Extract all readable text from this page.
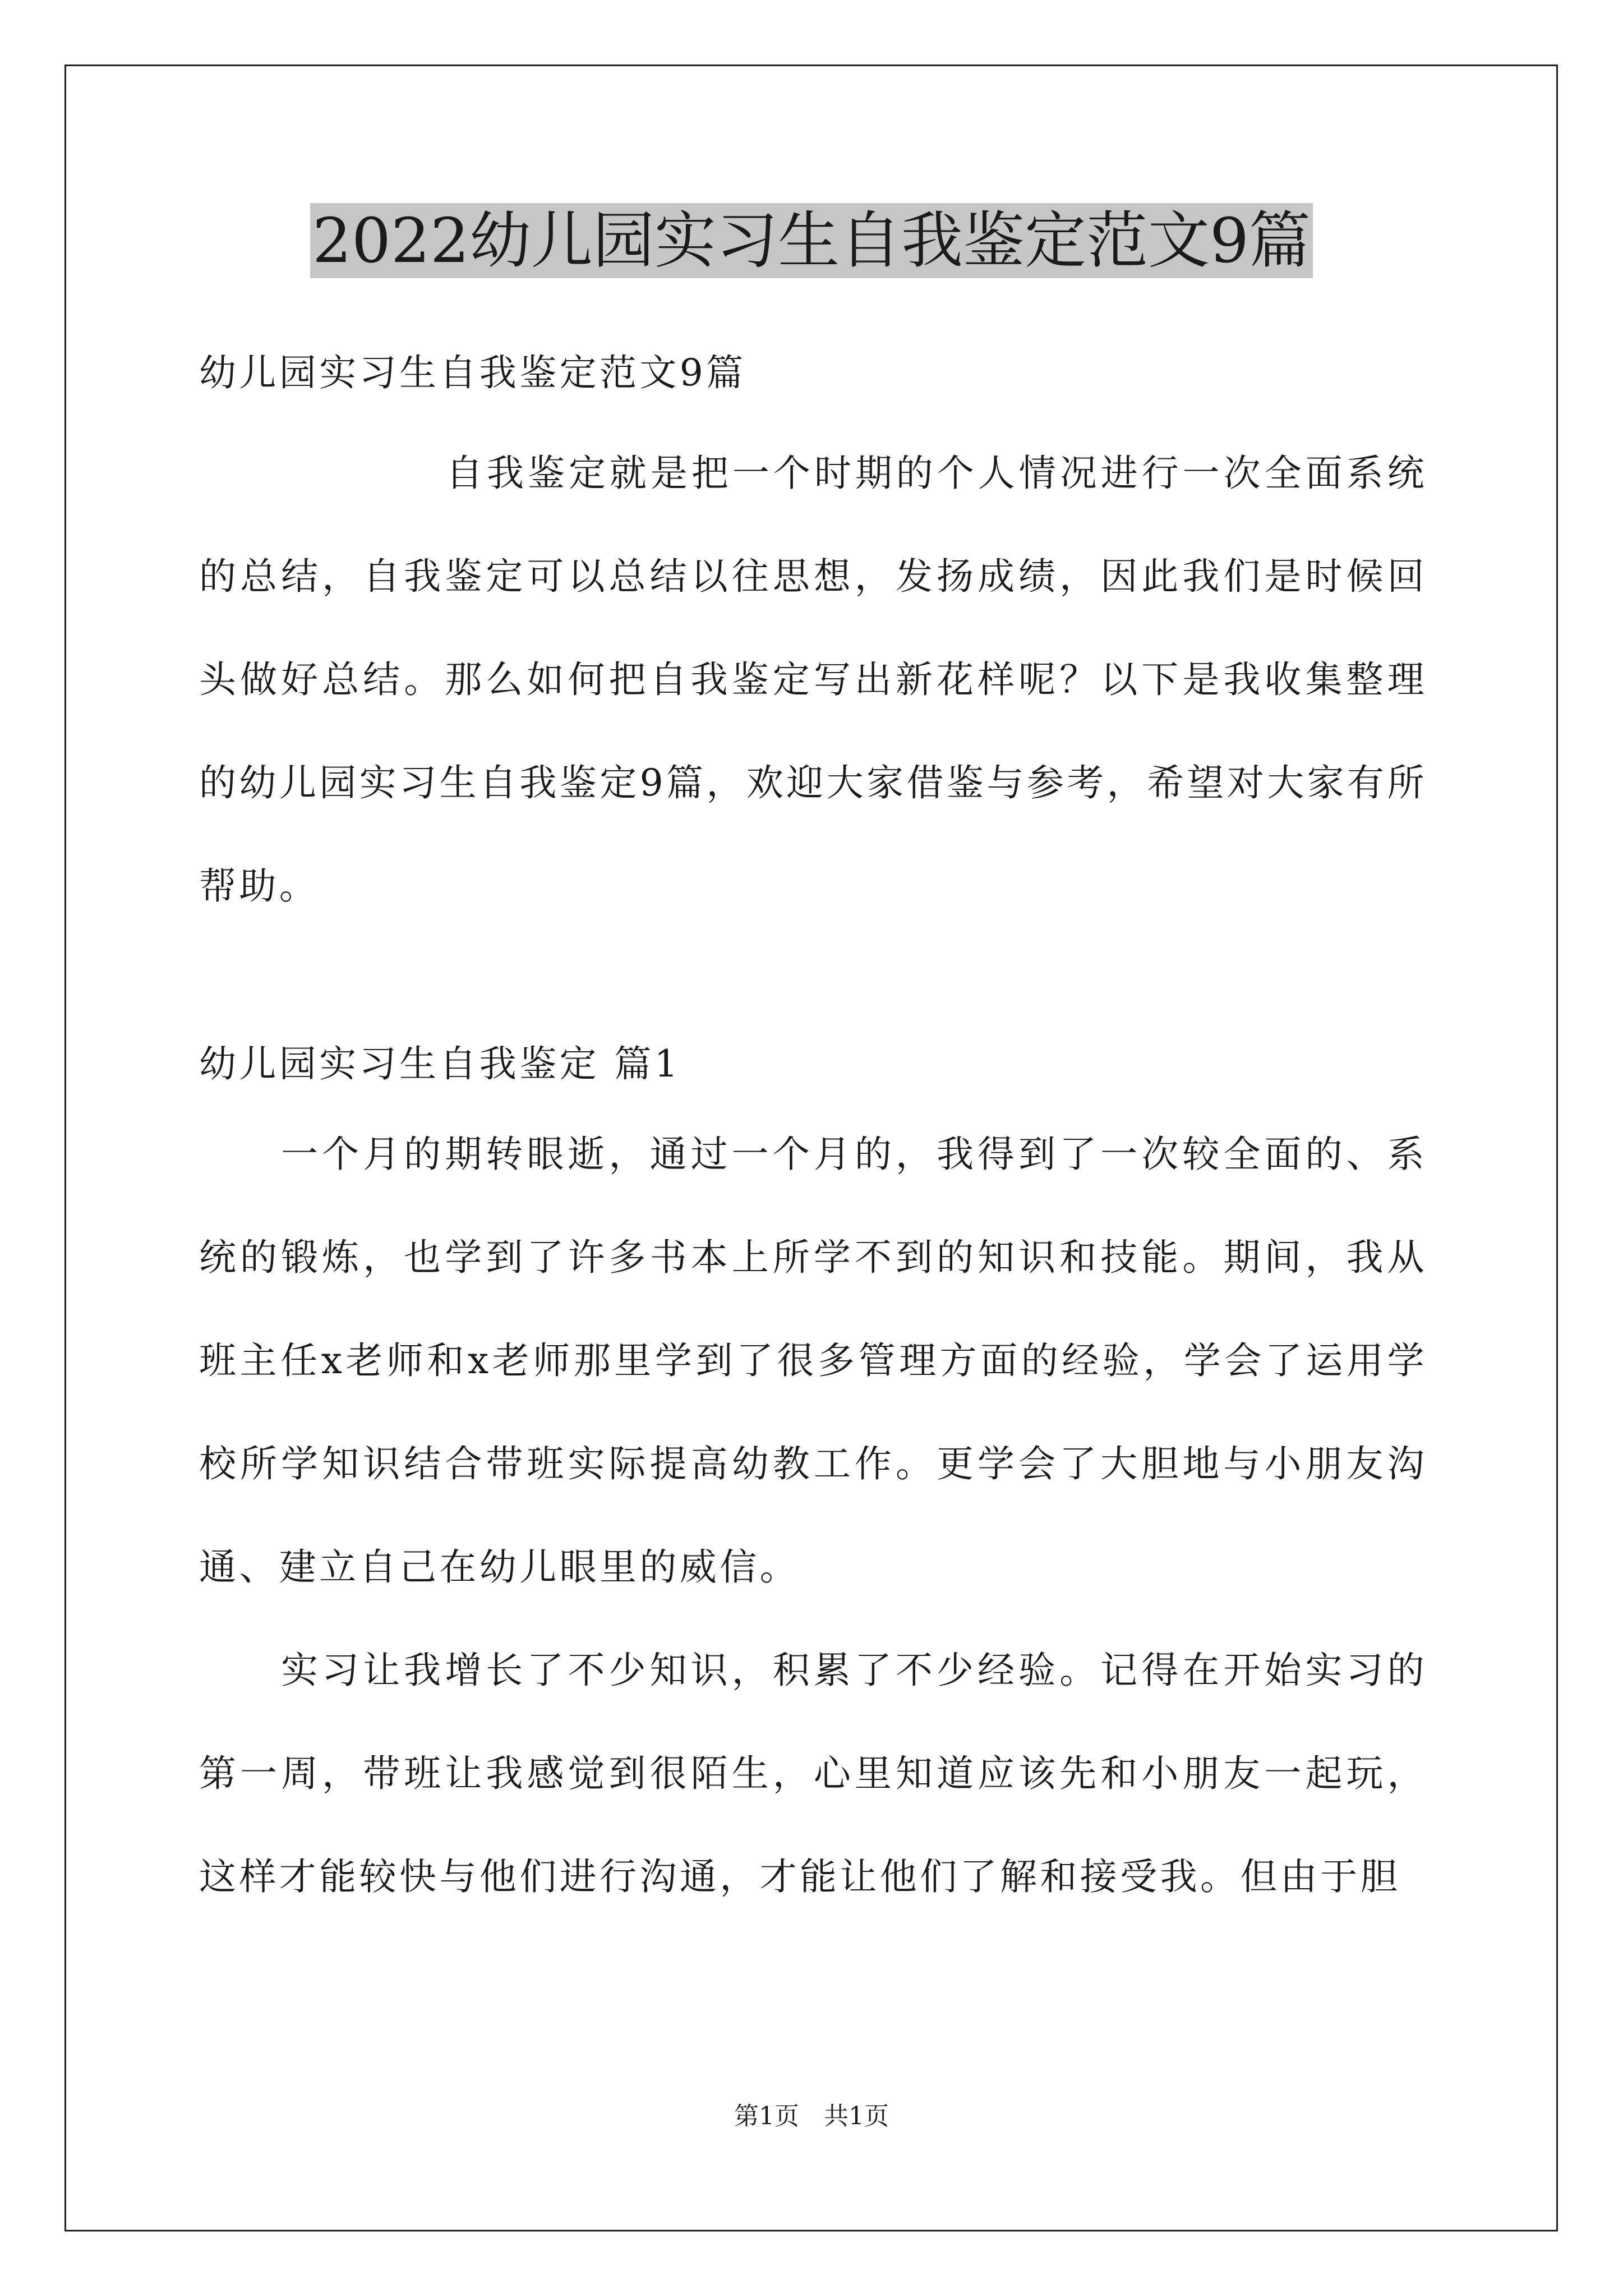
2022幼儿园实习生自我鉴定范文9篇
幼儿园实习生自我鉴定范文9篇
自我鉴定就是把一个时期的个人情况进行一次全面系统的总结，自我鉴定可以总结以往思想，发扬成绩，因此我们是时候回头做好总结。那么如何把自我鉴定写出新花样呢？以下是我收集整理的幼儿园实习生自我鉴定9篇，欢迎大家借鉴与参考，希望对大家有所帮助。
幼儿园实习生自我鉴定 篇1
一个月的期转眼逝，通过一个月的，我得到了一次较全面的、系统的锻炼，也学到了许多书本上所学不到的知识和技能。期间，我从班主任x老师和x老师那里学到了很多管理方面的经验，学会了运用学校所学知识结合带班实际提高幼教工作。更学会了大胆地与小朋友沟通、建立自己在幼儿眼里的威信。
实习让我增长了不少知识，积累了不少经验。记得在开始实习的第一周，带班让我感觉到很陌生，心里知道应该先和小朋友一起玩，这样才能较快与他们进行沟通，才能让他们了解和接受我。但由于胆
第1页　共1页
